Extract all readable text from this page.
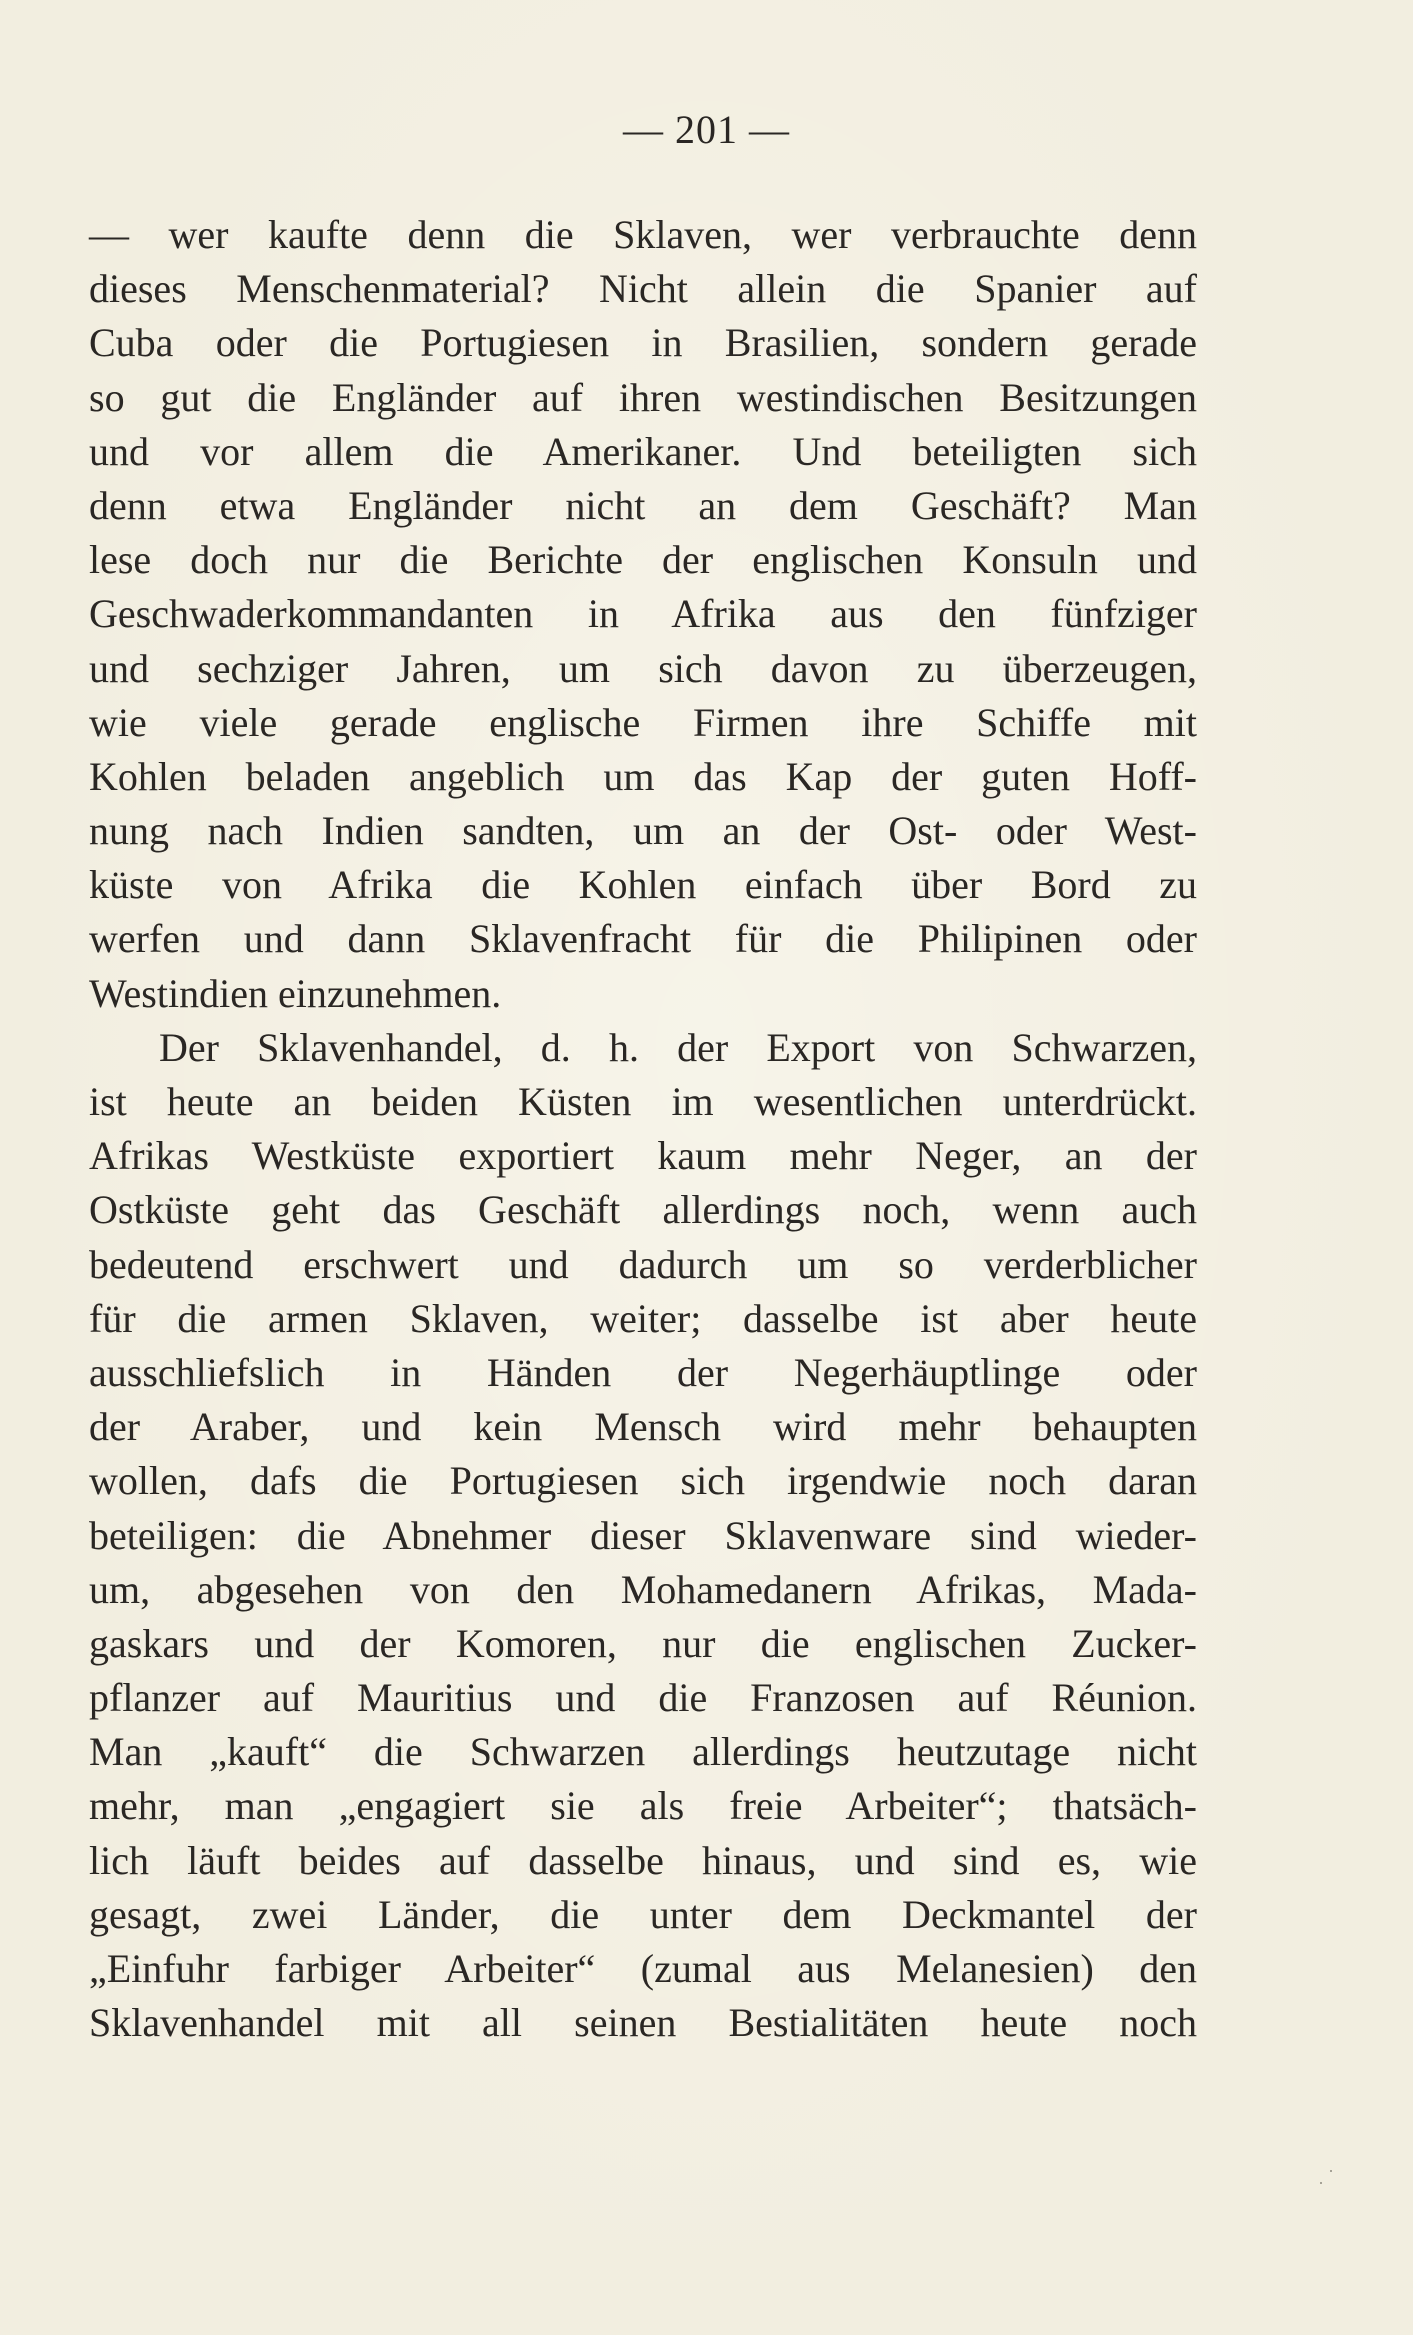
— 201 —
— wer kaufte denn die Sklaven, wer verbrauchte denn
dieses Menschenmaterial? Nicht allein die Spanier auf
Cuba oder die Portugiesen in Brasilien, sondern gerade
so gut die Engländer auf ihren westindischen Besitzungen
und vor allem die Amerikaner. Und beteiligten sich
denn etwa Engländer nicht an dem Geschäft? Man
lese doch nur die Berichte der englischen Konsuln und
Geschwaderkommandanten in Afrika aus den fünfziger
und sechziger Jahren, um sich davon zu überzeugen,
wie viele gerade englische Firmen ihre Schiffe mit
Kohlen beladen angeblich um das Kap der guten Hoff-
nung nach Indien sandten, um an der Ost- oder West-
küste von Afrika die Kohlen einfach über Bord zu
werfen und dann Sklavenfracht für die Philipinen oder
Westindien einzunehmen.
Der Sklavenhandel, d. h. der Export von Schwarzen,
ist heute an beiden Küsten im wesentlichen unterdrückt.
Afrikas Westküste exportiert kaum mehr Neger, an der
Ostküste geht das Geschäft allerdings noch, wenn auch
bedeutend erschwert und dadurch um so verderblicher
für die armen Sklaven, weiter; dasselbe ist aber heute
ausschliefslich in Händen der Negerhäuptlinge oder
der Araber, und kein Mensch wird mehr behaupten
wollen, dafs die Portugiesen sich irgendwie noch daran
beteiligen: die Abnehmer dieser Sklavenware sind wieder-
um, abgesehen von den Mohamedanern Afrikas, Mada-
gaskars und der Komoren, nur die englischen Zucker-
pflanzer auf Mauritius und die Franzosen auf Réunion.
Man „kauft“ die Schwarzen allerdings heutzutage nicht
mehr, man „engagiert sie als freie Arbeiter“; thatsäch-
lich läuft beides auf dasselbe hinaus, und sind es, wie
gesagt, zwei Länder, die unter dem Deckmantel der
„Einfuhr farbiger Arbeiter“ (zumal aus Melanesien) den
Sklavenhandel mit all seinen Bestialitäten heute noch
